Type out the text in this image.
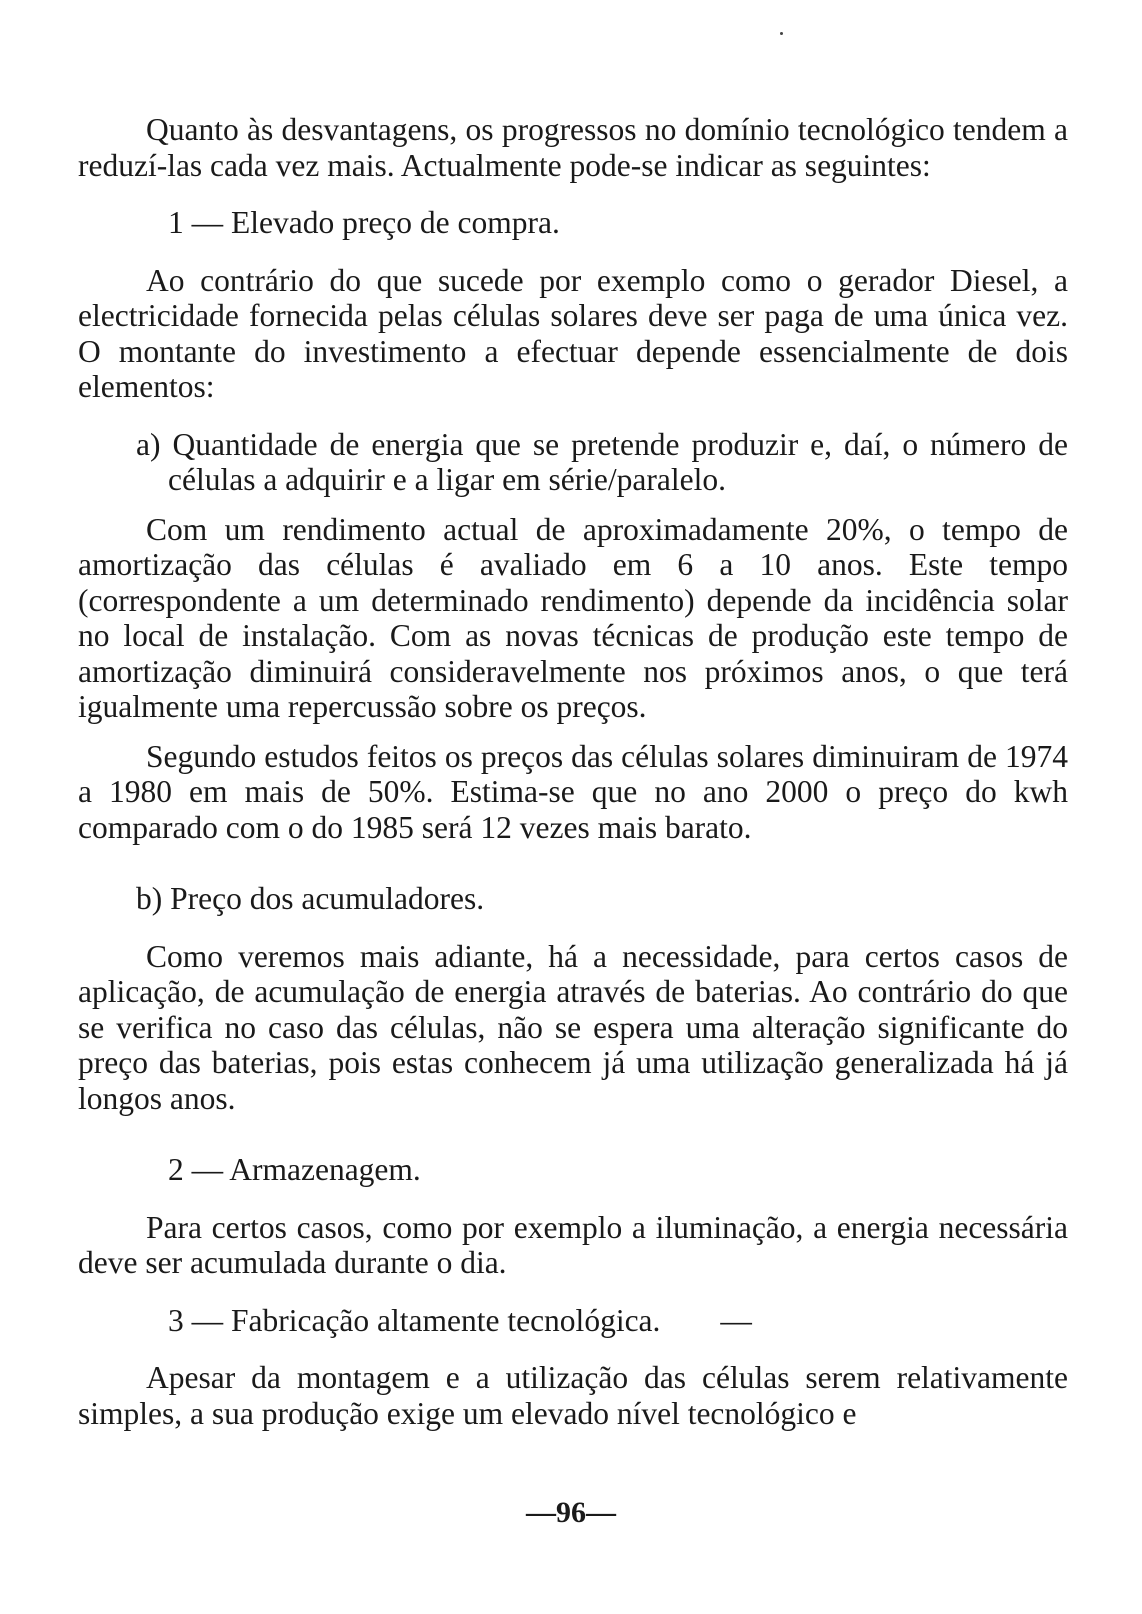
Quanto às desvantagens, os progressos no domínio tecnológico tendem a reduzí-las cada vez mais. Actualmente pode-se indicar as seguintes:

1 — Elevado preço de compra.

Ao contrário do que sucede por exemplo como o gerador Diesel, a electricidade fornecida pelas células solares deve ser paga de uma única vez. O montante do investimento a efectuar depende essencialmente de dois elementos:

a) Quantidade de energia que se pretende produzir e, daí, o número de células a adquirir e a ligar em série/paralelo.

Com um rendimento actual de aproximadamente 20%, o tempo de amortização das células é avaliado em 6 a 10 anos. Este tempo (correspondente a um determinado rendimento) depende da incidência solar no local de instalação. Com as novas técnicas de produção este tempo de amortização diminuirá consideravelmente nos próximos anos, o que terá igualmente uma repercussão sobre os preços.

Segundo estudos feitos os preços das células solares diminuiram de 1974 a 1980 em mais de 50%. Estima-se que no ano 2000 o preço do kwh comparado com o do 1985 será 12 vezes mais barato.

b) Preço dos acumuladores.

Como veremos mais adiante, há a necessidade, para certos casos de aplicação, de acumulação de energia através de baterias. Ao contrário do que se verifica no caso das células, não se espera uma alteração significante do preço das baterias, pois estas conhecem já uma utilização generalizada há já longos anos.

2 — Armazenagem.

Para certos casos, como por exemplo a iluminação, a energia necessária deve ser acumulada durante o dia.

3 — Fabricação altamente tecnológica. —

Apesar da montagem e a utilização das células serem relativamente simples, a sua produção exige um elevado nível tecnológico e

—96—
